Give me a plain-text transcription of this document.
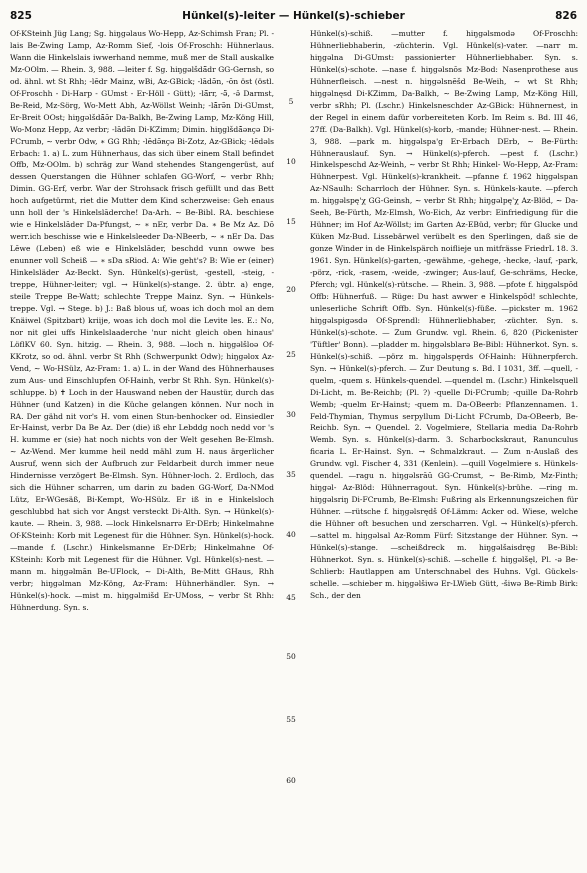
825	Hünkel(s)-leiter — Hünkel(s)-schieber	826

Of-KSteinh Jüg Lang; Sg. hiŋgəlaus Wo-Hepp, Az-Schimsh Fran; Pl. -lais Be-Zwing Lamp, Az-Romm Sief, -lois Of-Froschh: Hühnerlaus. Wann die Hinkelslais iwwerhand nemme, muß mer de Stall auskalke Mz-OOlm. — Rhein. 3, 988. —leiter f. Sg. hiŋgəlšdā̃dr GG-Gernsh, so od. ähnl. wt St Rhh; -lēdr Mainz, wBi, Az-GBick; -lādə̃n, -ōn öst (östl. Of-Froschh - Di-Harp - GUmst - Er-Höll - Gütt); -lā̃rr, -ə̄̃, -ə̄ Darmst, Be-Reid, Mz-Sörg, Wo-Mett Abh, Az-Wöllst Weinh; -lā̃rə̃n Di-GUmst, Er-Breit OOst; hiŋgəlšdā̃ə̃r Da-Balkh, Be-Zwing Lamp, Mz-Köng Hill, Wo-Monz Hepp, Az verbr; -lādə̃n Di-KZimm; Dimin. hiŋglšdā̃əʀçə Di-FCrumb, ∼ verbr Odw, ∗ GG Rhh; -lēdə̃ʀçə Bi-Zotz, Az-GBick; -lēdəls Erbach: 1. a) L. zum Hühnerhaus, das sich über einem Stall befindet Offb, Mz-OOlm. b) schräg zur Wand stehendes Stangengerüst, auf dessen Querstangen die Hühner schlafen GG-Worf, ∼ verbr Rhh; Dimin. GG-Erf, verbr. War der Strohsack frisch gefüllt und das Bett hoch aufgetürmt, riet die Mutter dem Kind scherzweise: Geh enaus unn holl der 's Hinkelslāderche! Da-Arh. ∼ Be-Bibl. RA. beschiese wie e Hinkelslāder Da-Pfungst, ∼ ∗ nEr, verbr Da. ∗ Be Mz Az. Dō werr.ich beschisse wie e Hinkelsleeder Da-NBeerb, ∼ ∗ nEr Da. Das Lēwe (Leben) eß wie e Hinkelslāder, beschdd vunn owwe bes enunner voll Scheiß — ∗ sDa sRiod. A: Wie geht's? B: Wie er (einer) Hinkelsläder Az-Beckt. Syn. Hünkel(s)-gerüst, -gestell, -steig, -treppe, Hühner-leiter; vgl. → Hünkel(s)-stange. 2. übtr. a) enge, steile Treppe Be-Watt; schlechte Treppe Mainz. Syn. → Hünkels-treppe. Vgl. → Stege. b) J.: Baß blous uf, woas ich doch mol an dem Knäiwel (Spitzbart) kriije, woas ich doch mol die Levite les. E.: No, nor nit glei uffs Hinkelslaaderche 'nur nicht gleich oben hinaus' LöflKV 60. Syn. hitzig. — Rhein. 3, 988. —loch n. hiŋgəlšloə Of-KKrotz, so od. ähnl. verbr St Rhh (Schwerpunkt Odw); hiŋgəlox Az-Vend, ∼ Wo-HSülz, Az-Fram: 1. a) L. in der Wand des Hühnerhauses zum Aus- und Einschlupfen Of-Hainh, verbr St Rhh. Syn. Hünkel(s)-schluppe. b) ✝ Loch in der Hauswand neben der Haustür, durch das Hühner (und Katzen) in die Küche gelangen können. Nur noch in RA. Der gähd nit vor's H. vom einen Stun-benhocker od. Einsiedler Er-Hainst, verbr Da Be Az. Der (die) iß ehr Lebddg noch nedd vor 's H. kumme er (sie) hat noch nichts von der Welt gesehen Be-Elmsh. ∼ Az-Wend. Mer kumme heil nedd mähl zum H. naus ärgerlicher Ausruf, wenn sich der Aufbruch zur Feldarbeit durch immer neue Hindernisse verzögert Be-Elmsh. Syn. Hühner-loch. 2. Erdloch, das sich die Hühner scharren, um darin zu baden GG-Worf, Da-NMod Lütz, Er-WGesäß, Bi-Kempt, Wo-HSülz. Er iß in e Hinkelsloch geschlubbd hat sich vor Angst versteckt Di-Alth. Syn. → Hünkel(s)-kaute. — Rhein. 3, 988. —lock Hinkelsnarrə Er-DErb; Hinkelmahne Of-KSteinh: Korb mit Legenest für die Hühner. Syn. Hünkel(s)-hock. —mande f. (Lschr.) Hinkelsmanne Er-DErb; Hinkelmahne Of-KSteinh: Korb mit Legenest für die Hühner. Vgl. Hünkel(s)-nest. —mann m. hiŋgəlmān Be-UFlock, ∼ Di-Alth, Be-Mitt GHaus, Rhh verbr; hiŋgəlman Mz-Köng, Az-Fram: Hühnerhändler. Syn. → Hünkel(s)-hock. —mist m. hiŋgəlmišd Er-UMoss, ∼ verbr St Rhh: Hühnerdung. Syn. s.

5
10
15
20
25
30
35
40
45
50
55
60

Hünkel(s)-schiß. —mutter f. hiŋgəlsmodə Of-Froschh: Hühnerliebhaberin, -züchterin. Vgl. Hünkel(s)-vater. —narr m. hiŋgəlna Di-GUmst: passionierter Hühnerliebhaber. Syn. s. Hünkel(s)-schote. —nase f. hiŋgəlsnōs Mz-Bod: Nasenprothese aus Hühnerfleisch. —nest n. hiŋgəlsnēšd Be-Weih, ∼ wt St Rhh; hiŋgəlnęsd Di-KZimm, Da-Balkh, ∼ Be-Zwing Lamp, Mz-Köng Hill, verbr sRhh; Pl. (Lschr.) Hinkelsneschder Az-GBick: Hühnernest, in der Regel in einem dafür vorbereiteten Korb. Im Reim s. Bd. III 46, 27ff. (Da-Balkh). Vgl. Hünkel(s)-korb, -mande; Hühner-nest. — Rhein. 3, 988. —park m. hiŋgəlspa'g Er-Erbach DErb, ∼ Be-Fürth: Hühnerauslauf. Syn. → Hünkel(s)-pferch. —pest f. (Lschr.) Hinkelspeschd Az-Weinh, ∼ verbr St Rhh; Hinkel- Wo-Hepp, Az-Fram: Hühnerpest. Vgl. Hünkel(s)-krankheit. —pfanne f. 1962 hiŋgəlspan Az-NSaulh: Scharrloch der Hühner. Syn. s. Hünkels-kaute. —pferch m. hiŋgəlspę'χ GG-Geinsh, ∼ verbr St Rhh; hiŋgəlpę'χ Az-Blöd, ∼ Da-Seeh, Be-Fürth, Mz-Elmsh, Wo-Eich, Az verbr: Einfriedigung für die Hühner; im Hof Az-Wöllst; im Garten Az-EBüd, verbr; für Glucke und Küken Mz-Bud. Lissebärwel verübelt es den Sperlingen, daß sie de gonze Winder in de Hinkelspärch noiflieje un mitfrässe FriedrL 18. 3. 1961. Syn. Hünkel(s)-garten, -gewähme, -gehege, -hecke, -lauf, -park, -pörz, -rick, -rasem, -weide, -zwinger; Aus-lauf, Ge-schräms, Hecke, Pferch; vgl. Hünkel(s)-rütsche. — Rhein. 3, 988. —pfote f. hiŋgəlspōd Offb: Hühnerfuß. — Rüge: Du hast awwer e Hinkelspōd! schlechte, unleserliche Schrift Offb. Syn. Hünkel(s)-füße. —pickster m. 1962 hiŋgəlspigəsdə Of-Sprendl: Hühnerliebhaber, -züchter. Syn. s. Hünkel(s)-schote. — Zum Grundw. vgl. Rhein. 6, 820 (Pickenister 'Tüftler' Bonn). —pladder m. hiŋgəlsblarə Be-Bibl: Hühnerkot. Syn. s. Hünkel(s)-schiß. —pörz m. hiŋgəlspęrds Of-Hainh: Hühnerpferch. Syn. → Hünkel(s)-pferch. — Zur Deutung s. Bd. I 1031, 3ff. —quell, -quelm, -quem s. Hünkels-quendel. —quendel m. (Lschr.) Hinkelsquell Di-Licht, m. Be-Reichb; (Pl. ?) -quelle Di-FCrumb; -quille Da-Rohrb Wemb; -quelm Er-Hainst; -quem m. Da-OBeerb: Pflanzennamen. 1. Feld-Thymian, Thymus serpyllum Di-Licht FCrumb, Da-OBeerb, Be-Reichb. Syn. → Quendel. 2. Vogelmiere, Stellaria media Da-Rohrb Wemb. Syn. s. Hünkel(s)-darm. 3. Scharbockskraut, Ranunculus ficaria L. Er-Hainst. Syn. → Schmalzkraut. — Zum n-Auslaß des Grundw. vgl. Fischer 4, 331 (Kenlein). —quill Vogelmiere s. Hünkels-quendel. —ragu n. hiŋgəlsrāū GG-Crumst, ∼ Be-Rimb, Mz-Finth; hiŋgəl- Az-Blöd: Hühnerragout. Syn. Hünkel(s)-brühe. —ring m. hiŋgəlsriŋ Di-FCrumb, Be-Elmsh: Fußring als Erkennungszeichen für Hühner. —rütsche f. hiŋgəlsrędš Of-Lämm: Acker od. Wiese, welche die Hühner oft besuchen und zerscharren. Vgl. → Hünkel(s)-pferch. —sattel m. hiŋgəlsal Az-Romm Fürf: Sitzstange der Hühner. Syn. → Hünkel(s)-stange. —scheißdreck m. hiŋgəlšaisdręg Be-Bibl: Hühnerkot. Syn. s. Hünkel(s)-schiß. —schelle f. hiŋgəlšęl, Pl. -ə Be-Schlierb: Hautlappen am Unterschnabel des Huhns. Vgl. Gückels-schelle. —schieber m. hiŋgəlšiwə Er-LWieb Gütt, -šiwə Be-Rimb Birk: Sch., der den
